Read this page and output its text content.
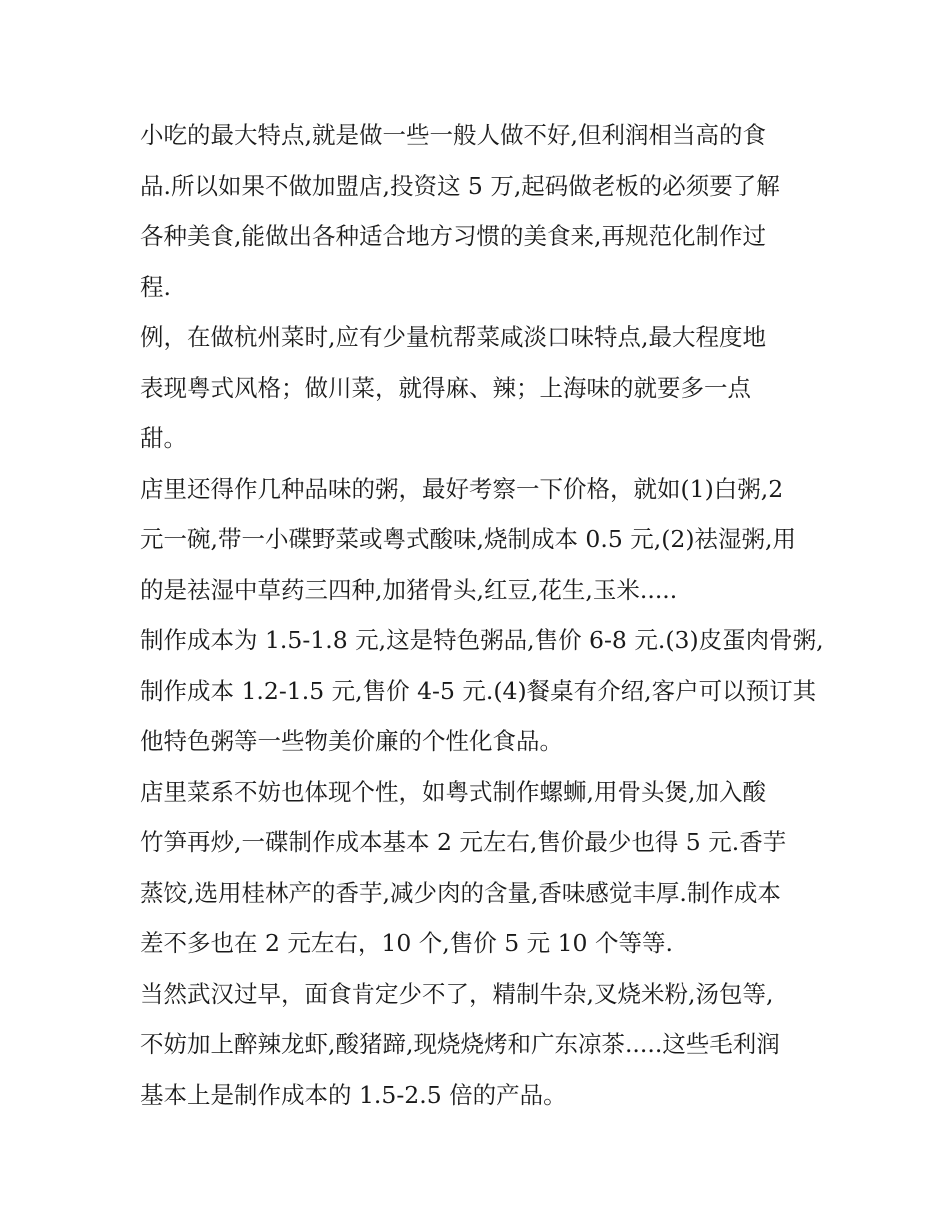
小吃的最大特点,就是做一些一般人做不好,但利润相当高的食
品.所以如果不做加盟店,投资这 5 万,起码做老板的必须要了解
各种美食,能做出各种适合地方习惯的美食来,再规范化制作过
程.

例，在做杭州菜时,应有少量杭帮菜咸淡口味特点,最大程度地
表现粤式风格；做川菜，就得麻、辣；上海味的就要多一点
甜。

店里还得作几种品味的粥，最好考察一下价格，就如(1)白粥,2
元一碗,带一小碟野菜或粤式酸味,烧制成本 0.5 元,(2)祛湿粥,用
的是祛湿中草药三四种,加猪骨头,红豆,花生,玉米.....

制作成本为 1.5-1.8 元,这是特色粥品,售价 6-8 元.(3)皮蛋肉骨粥,
制作成本 1.2-1.5 元,售价 4-5 元.(4)餐桌有介绍,客户可以预订其
他特色粥等一些物美价廉的个性化食品。

店里菜系不妨也体现个性，如粤式制作螺蛳,用骨头煲,加入酸
竹笋再炒,一碟制作成本基本 2 元左右,售价最少也得 5 元.香芋
蒸饺,选用桂林产的香芋,减少肉的含量,香味感觉丰厚.制作成本
差不多也在 2 元左右，10 个,售价 5 元 10 个等等.

当然武汉过早，面食肯定少不了，精制牛杂,叉烧米粉,汤包等,
不妨加上醉辣龙虾,酸猪蹄,现烧烧烤和广东凉茶.....这些毛利润
基本上是制作成本的 1.5-2.5 倍的产品。
